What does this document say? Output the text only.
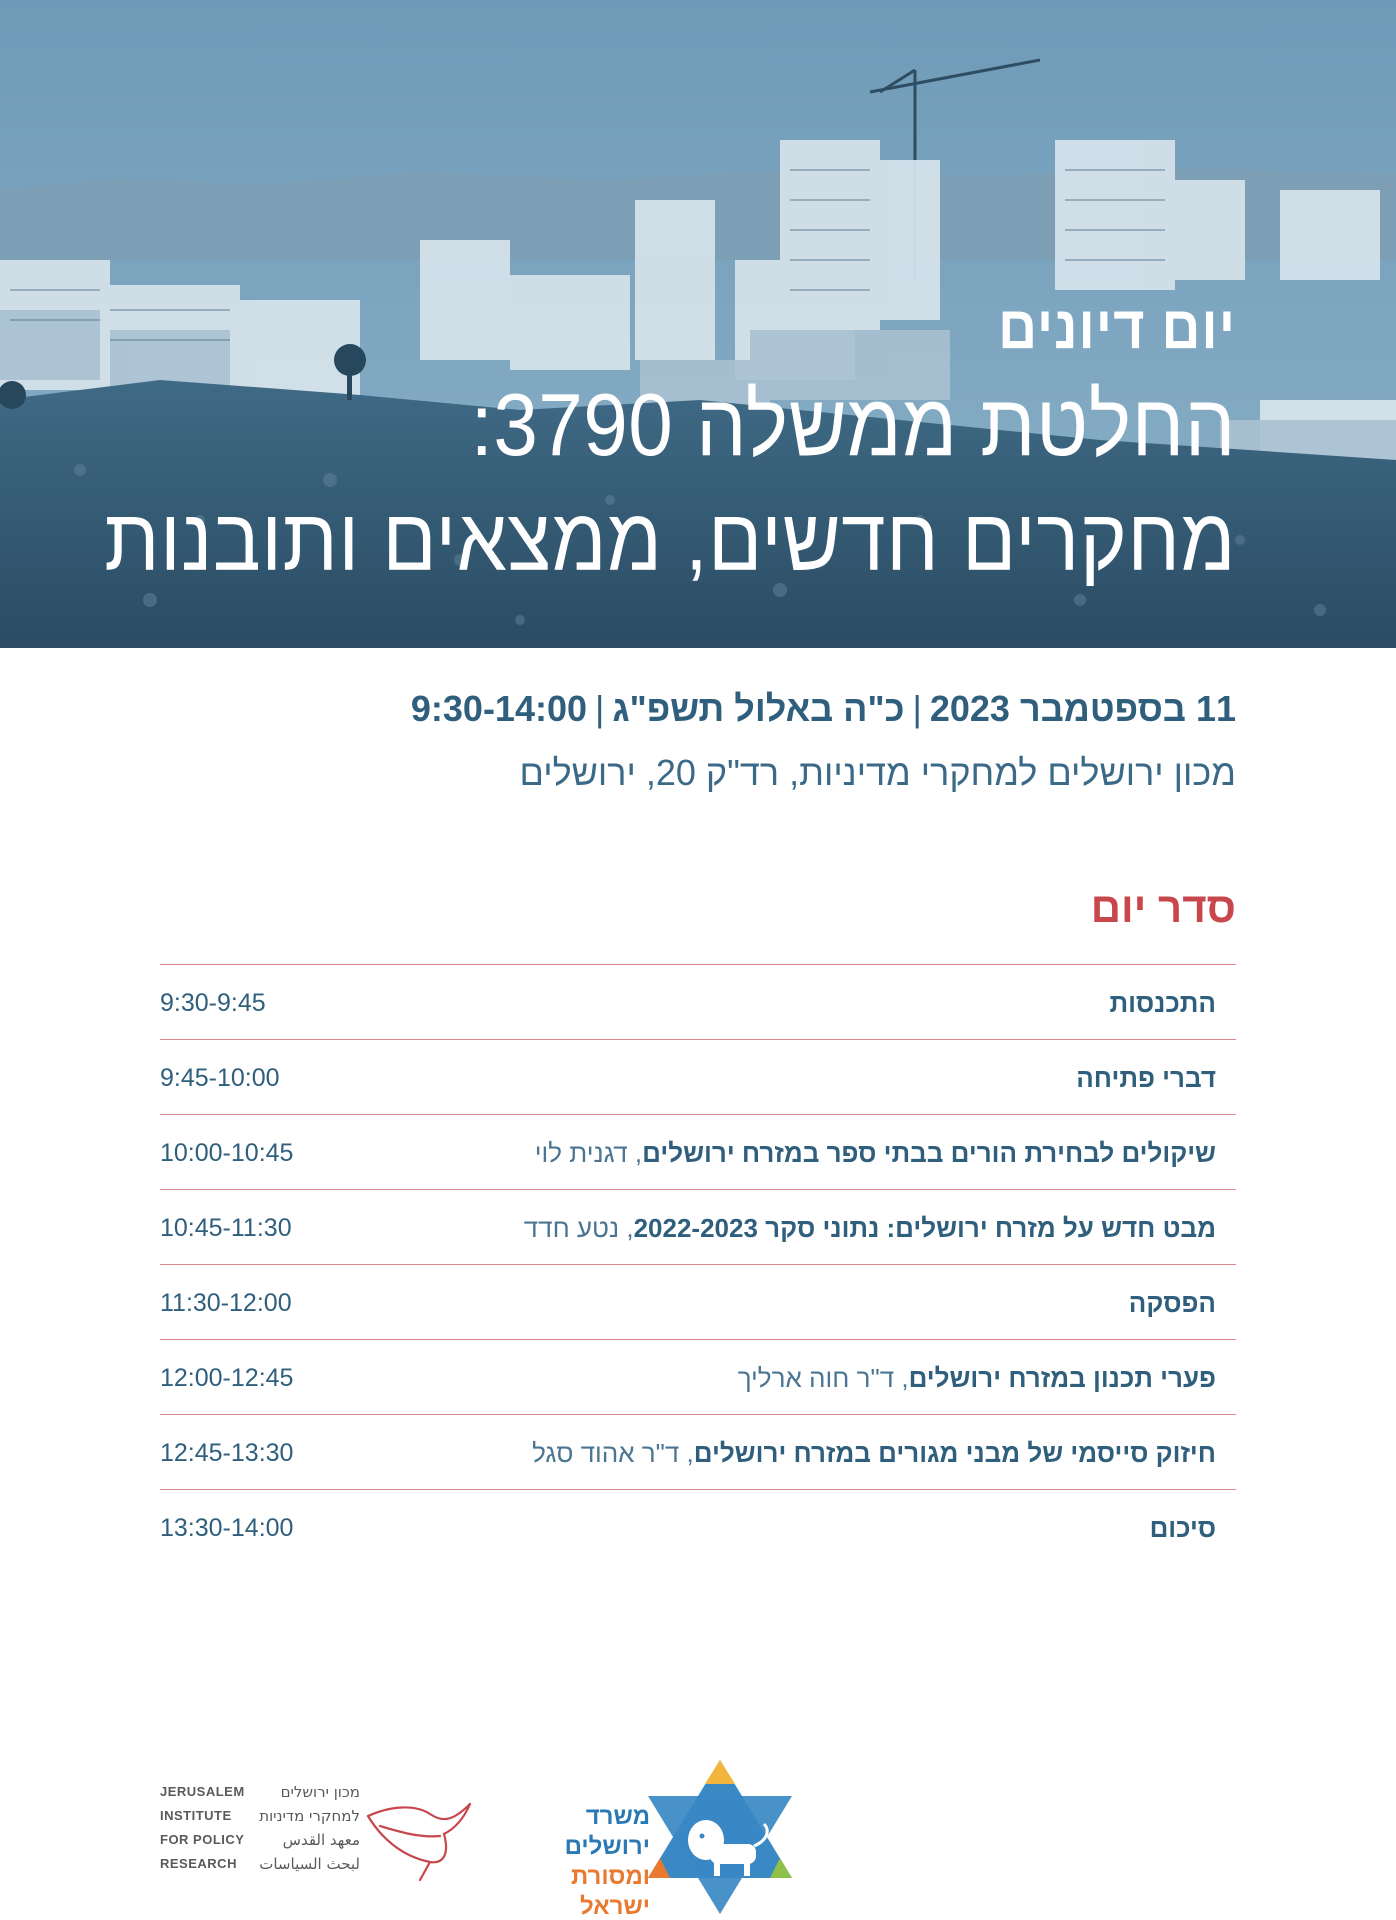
יום דיונים
החלטת ממשלה 3790:
מחקרים חדשים, ממצאים ותובנות
11 בספטמבר 2023|כ"ה באלול תשפ"ג|9:30-14:00
מכון ירושלים למחקרי מדיניות, רד"ק 20, ירושלים
סדר יום
9:30-9:45	התכנסות
9:45-10:00	דברי פתיחה
10:00-10:45	שיקולים לבחירת הורים בבתי ספר במזרח ירושלים, דגנית לוי
10:45-11:30	מבט חדש על מזרח ירושלים: נתוני סקר 2022-2023, נטע חדד
11:30-12:00	הפסקה
12:00-12:45	פערי תכנון במזרח ירושלים, ד"ר חוה ארליך
12:45-13:30	חיזוק סייסמי של מבני מגורים במזרח ירושלים, ד"ר אהוד סגל
13:30-14:00	סיכום
JERUSALEM
INSTITUTE
FOR POLICY
RESEARCH
מכון ירושלים
למחקרי מדיניות
معهد القدس
لبحث السياسات
משרד ירושלים
ומסורת ישראל
